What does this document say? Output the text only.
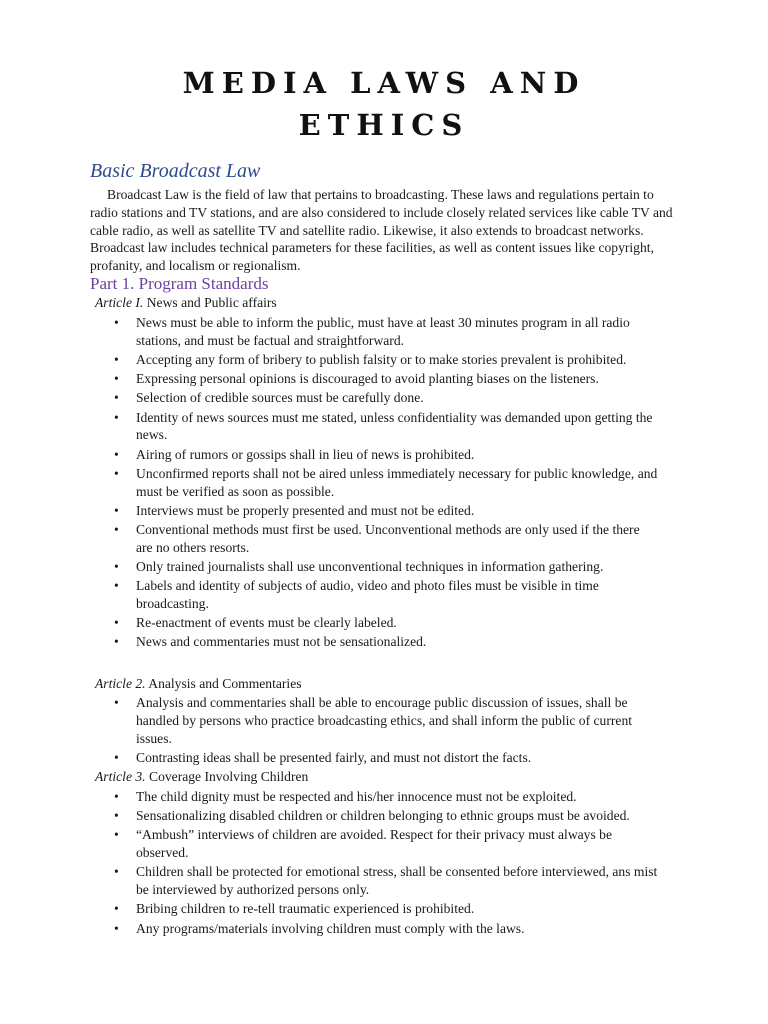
MEDIA LAWS AND
ETHICS
Basic Broadcast Law

Broadcast Law is the field of law that pertains to broadcasting. These laws and regulations pertain to radio stations and TV stations, and are also considered to include closely related services like cable TV and cable radio, as well as satellite TV and satellite radio. Likewise, it also extends to broadcast networks. Broadcast law includes technical parameters for these facilities, as well as content issues like copyright, profanity, and localism or regionalism.

Part 1. Program Standards
Article I. News and Public affairs
• News must be able to inform the public, must have at least 30 minutes program in all radio stations, and must be factual and straightforward.
• Accepting any form of bribery to publish falsity or to make stories prevalent is prohibited.
• Expressing personal opinions is discouraged to avoid planting biases on the listeners.
• Selection of credible sources must be carefully done.
• Identity of news sources must me stated, unless confidentiality was demanded upon getting the news.
• Airing of rumors or gossips shall in lieu of news is prohibited.
• Unconfirmed reports shall not be aired unless immediately necessary for public knowledge, and must be verified as soon as possible.
• Interviews must be properly presented and must not be edited.
• Conventional methods must first be used. Unconventional methods are only used if the there are no others resorts.
• Only trained journalists shall use unconventional techniques in information gathering.
• Labels and identity of subjects of audio, video and photo files must be visible in time broadcasting.
• Re-enactment of events must be clearly labeled.
• News and commentaries must not be sensationalized.
Article 2. Analysis and Commentaries
• Analysis and commentaries shall be able to encourage public discussion of issues, shall be handled by persons who practice broadcasting ethics, and shall inform the public of current issues.
• Contrasting ideas shall be presented fairly, and must not distort the facts.
Article 3. Coverage Involving Children
• The child dignity must be respected and his/her innocence must not be exploited.
• Sensationalizing disabled children or children belonging to ethnic groups must be avoided.
• “Ambush” interviews of children are avoided. Respect for their privacy must always be observed.
• Children shall be protected for emotional stress, shall be consented before interviewed, ans mist be interviewed by authorized persons only.
• Bribing children to re-tell traumatic experienced is prohibited.
• Any programs/materials involving children must comply with the laws.
